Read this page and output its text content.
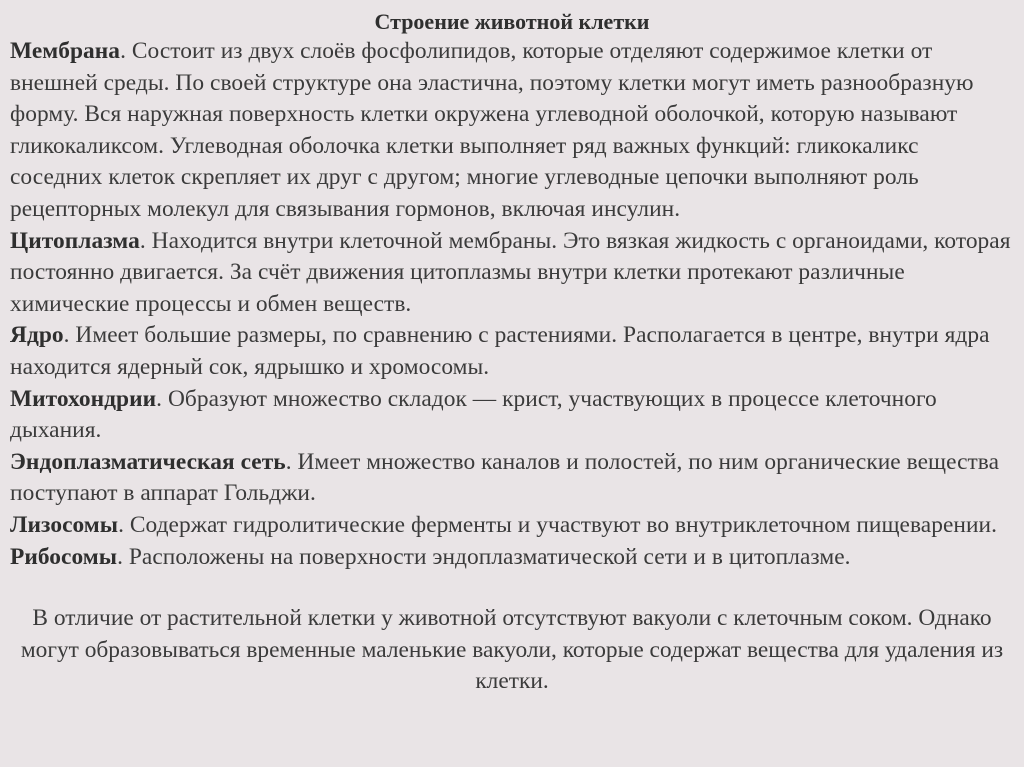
Строение животной клетки

Мембрана. Состоит из двух слоёв фосфолипидов, которые отделяют содержимое клетки от внешней среды. По своей структуре она эластична, поэтому клетки могут иметь разнообразную форму. Вся наружная поверхность клетки окружена углеводной оболочкой, которую называют гликокаликсом. Углеводная оболочка клетки выполняет ряд важных функций: гликокаликс соседних клеток скрепляет их друг с другом; многие углеводные цепочки выполняют роль рецепторных молекул для связывания гормонов, включая инсулин.

Цитоплазма. Находится внутри клеточной мембраны. Это вязкая жидкость с органоидами, которая постоянно двигается. За счёт движения цитоплазмы внутри клетки протекают различные химические процессы и обмен веществ.

Ядро. Имеет большие размеры, по сравнению с растениями. Располагается в центре, внутри ядра находится ядерный сок, ядрышко и хромосомы.

Митохондрии. Образуют множество складок — крист, участвующих в процессе клеточного дыхания.

Эндоплазматическая сеть. Имеет множество каналов и полостей, по ним органические вещества поступают в аппарат Гольджи.

Лизосомы. Содержат гидролитические ферменты и участвуют во внутриклеточном пищеварении.

Рибосомы. Расположены на поверхности эндоплазматической сети и в цитоплазме.

В отличие от растительной клетки у животной отсутствуют вакуоли с клеточным соком. Однако могут образовываться временные маленькие вакуоли, которые содержат вещества для удаления из клетки.
